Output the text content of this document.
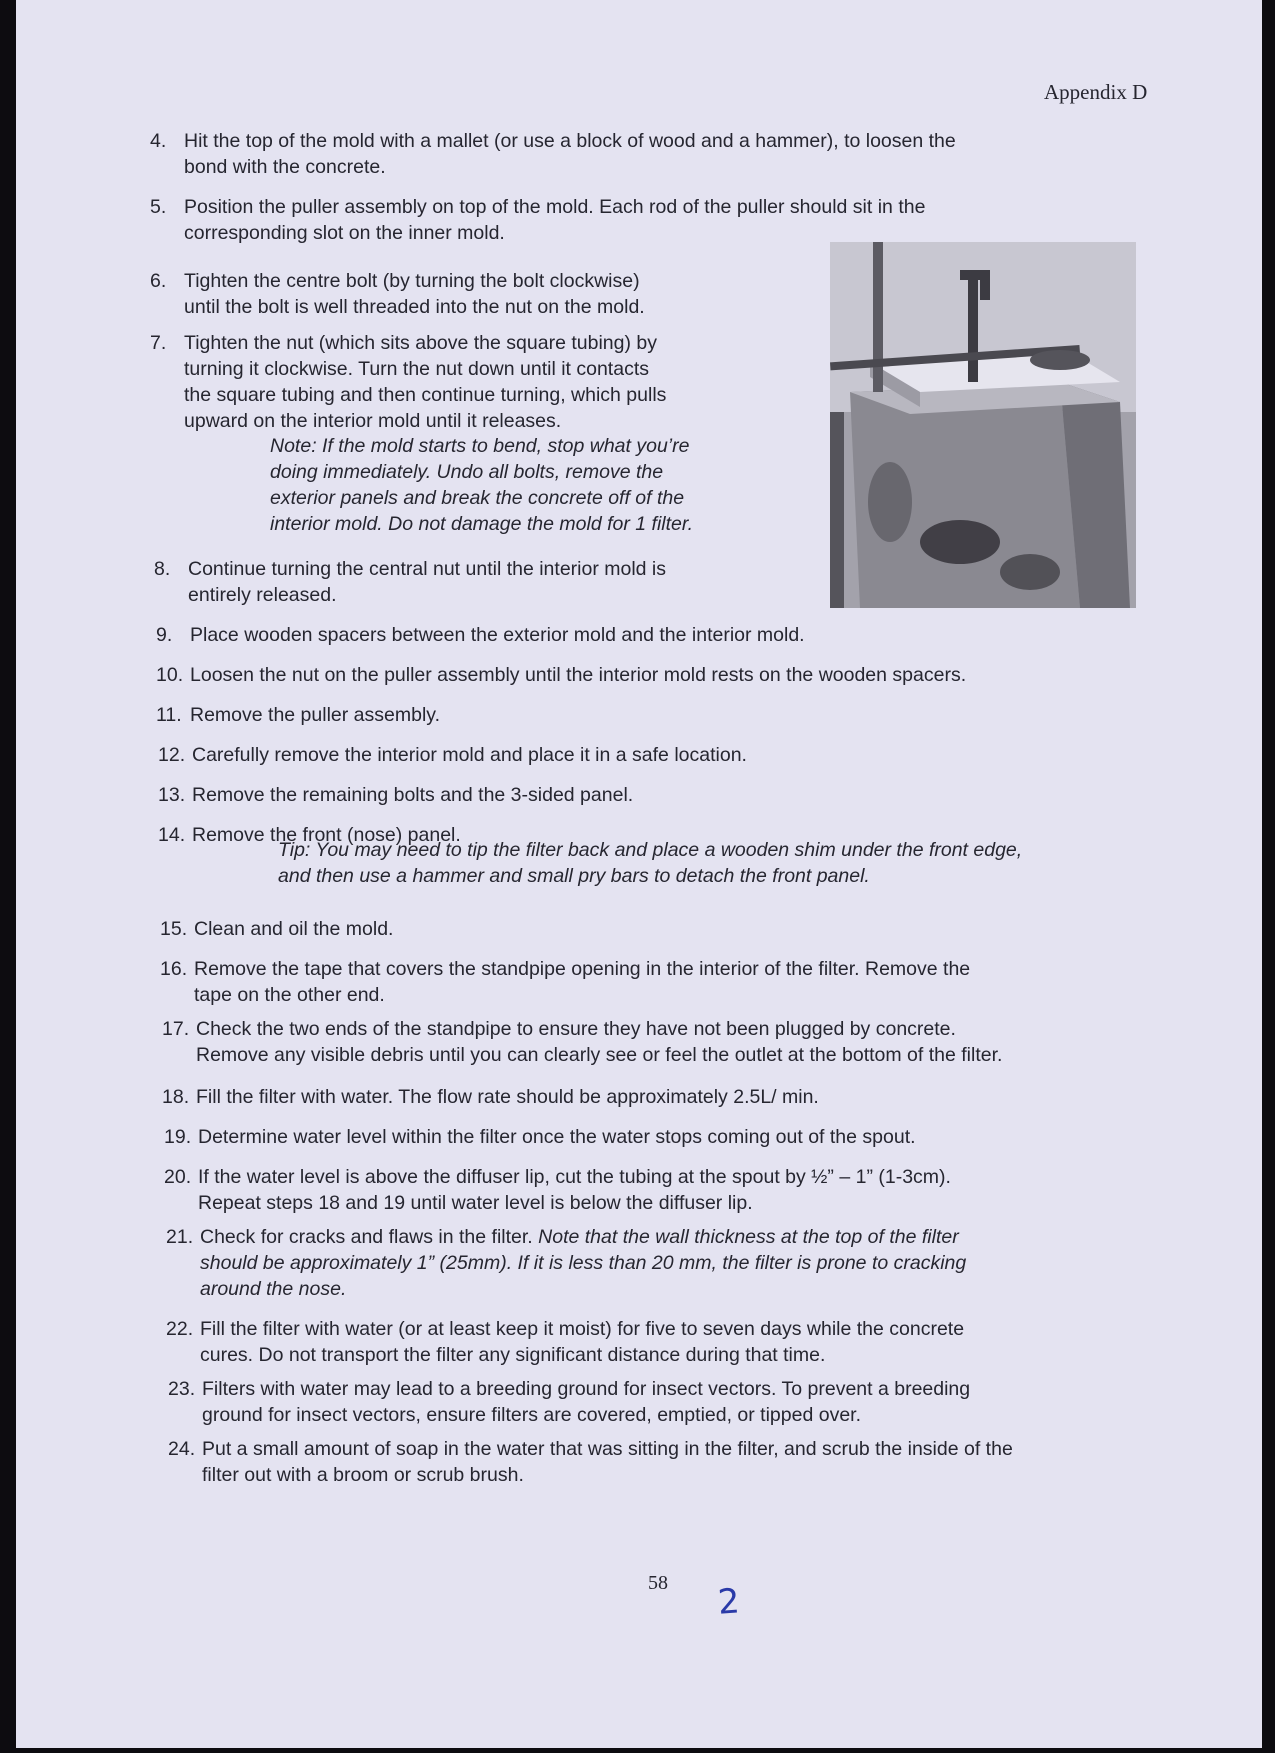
Appendix D
4. Hit the top of the mold with a mallet (or use a block of wood and a hammer), to loosen the
bond with the concrete.
5. Position the puller assembly on top of the mold. Each rod of the puller should sit in the
corresponding slot on the inner mold.
6. Tighten the centre bolt (by turning the bolt clockwise)
until the bolt is well threaded into the nut on the mold.
7. Tighten the nut (which sits above the square tubing) by
turning it clockwise. Turn the nut down until it contacts
the square tubing and then continue turning, which pulls
upward on the interior mold until it releases.
8. Continue turning the central nut until the interior mold is
entirely released.
9. Place wooden spacers between the exterior mold and the interior mold.
10. Loosen the nut on the puller assembly until the interior mold rests on the wooden spacers.
11. Remove the puller assembly.
12. Carefully remove the interior mold and place it in a safe location.
13. Remove the remaining bolts and the 3-sided panel.
14. Remove the front (nose) panel.
15. Clean and oil the mold.
16. Remove the tape that covers the standpipe opening in the interior of the filter. Remove the
tape on the other end.
17. Check the two ends of the standpipe to ensure they have not been plugged by concrete.
Remove any visible debris until you can clearly see or feel the outlet at the bottom of the filter.
18. Fill the filter with water. The flow rate should be approximately 2.5L/ min.
19. Determine water level within the filter once the water stops coming out of the spout.
20. If the water level is above the diffuser lip, cut the tubing at the spout by ½” – 1” (1-3cm).
Repeat steps 18 and 19 until water level is below the diffuser lip.
21. Check for cracks and flaws in the filter. Note that the wall thickness at the top of the filter
should be approximately 1” (25mm). If it is less than 20 mm, the filter is prone to cracking
around the nose.
22. Fill the filter with water (or at least keep it moist) for five to seven days while the concrete
cures. Do not transport the filter any significant distance during that time.
23. Filters with water may lead to a breeding ground for insect vectors. To prevent a breeding
ground for insect vectors, ensure filters are covered, emptied, or tipped over.
24. Put a small amount of soap in the water that was sitting in the filter, and scrub the inside of the
filter out with a broom or scrub brush.
Note: If the mold starts to bend, stop what you’re
doing immediately. Undo all bolts, remove the
exterior panels and break the concrete off of the
interior mold. Do not damage the mold for 1 filter.
Tip: You may need to tip the filter back and place a wooden shim under the front edge,
and then use a hammer and small pry bars to detach the front panel.
58 2
